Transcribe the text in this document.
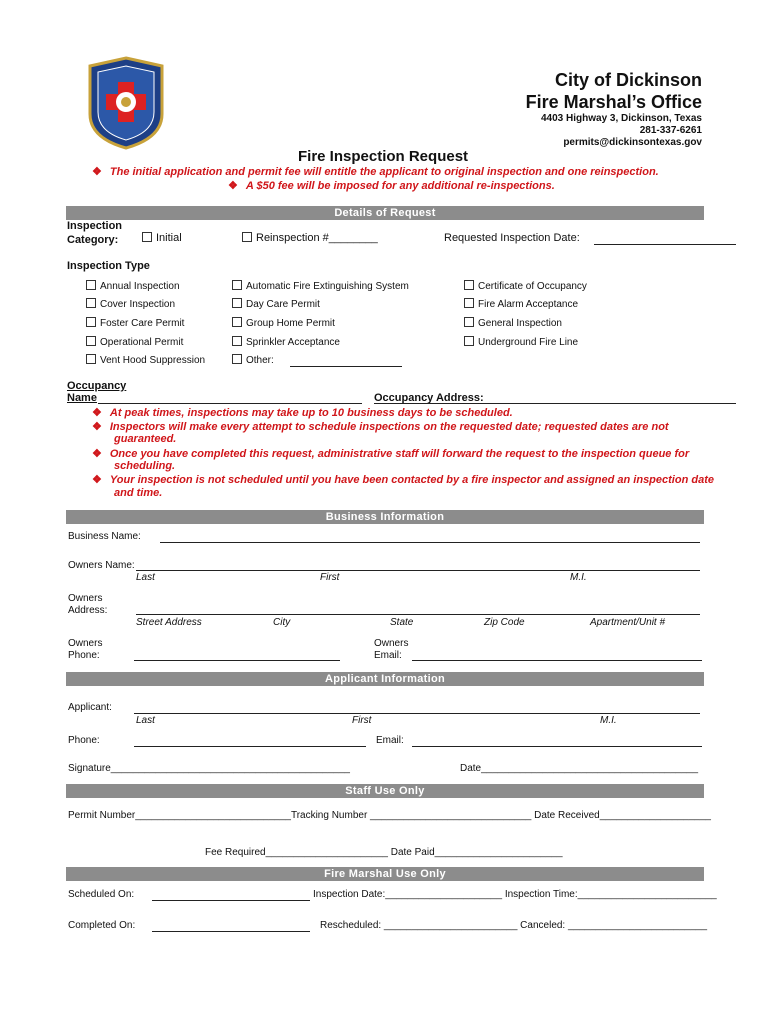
City of Dickinson
Fire Marshal’s Office
4403 Highway 3, Dickinson, Texas
281-337-6261
permits@dickinsontexas.gov
Fire Inspection Request
❖ The initial application and permit fee will entitle the applicant to original inspection and one reinspection.
❖ A $50 fee will be imposed for any additional re-inspections.
Details of Request
Inspection
Category:	Initial	Reinspection #________	Requested Inspection Date:
Inspection Type
Annual Inspection	Automatic Fire Extinguishing System	Certificate of Occupancy
Cover Inspection	Day Care Permit	Fire Alarm Acceptance
Foster Care Permit	Group Home Permit	General Inspection
Operational Permit	Sprinkler Acceptance	Underground Fire Line
Vent Hood Suppression	Other:
Occupancy
Name	Occupancy Address:
❖ At peak times, inspections may take up to 10 business days to be scheduled.
❖ Inspectors will make every attempt to schedule inspections on the requested date; requested dates are not
guaranteed.
❖ Once you have completed this request, administrative staff will forward the request to the inspection queue for
scheduling.
❖ Your inspection is not scheduled until you have been contacted by a fire inspector and assigned an inspection date
and time.
Business Information
Business Name:
Owners Name:
Last	First	M.I.
Owners
Address:
Street Address	City	State	Zip Code	Apartment/Unit #
Owners
Phone:
Owners
Email:
Applicant Information
Applicant:
Last	First	M.I.
Phone:	Email:
Signature___________________________________________	Date_______________________________________
Staff Use Only
Permit Number____________________________Tracking Number _____________________________ Date Received____________________
Fee Required______________________ Date Paid_______________________
Fire Marshal Use Only
Scheduled On:	Inspection Date:_____________________ Inspection Time:_________________________
Completed On:	Rescheduled: ________________________ Canceled: _________________________
